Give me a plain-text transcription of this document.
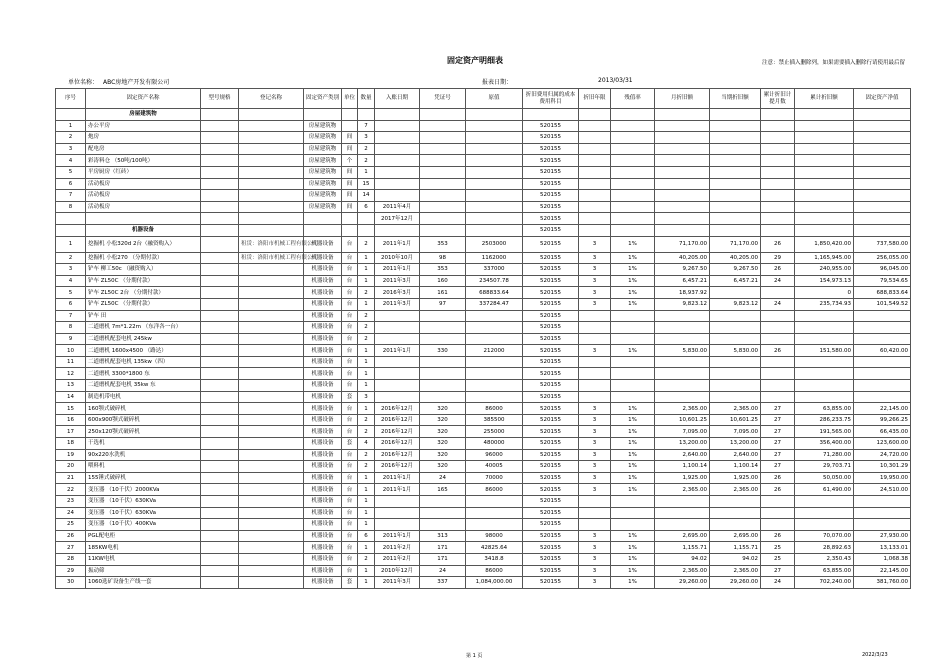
固定资产明细表	注意：禁止插入删除列，如果需要插入删除行请使用最后留
单位名称： ABC房地产开发有限公司	报表日期：	2013/03/31
序号	固定资产名称	型号规格	登记名称	固定资产类别	单位	数量	入账日期	凭证号	原值	折旧费用归属的成本费用科目	折旧年限	残值率	月折旧额	当期折旧额	累计折旧计提月数	累计折旧额	固定资产净值
	房屋建筑物																
1	办公平房			房屋建筑物		7				520155							
2	炮房			房屋建筑物	间	3				520155							
3	配电房			房屋建筑物	间	2				520155							
4	彩涛料仓 （50吨/100吨）			房屋建筑物	个	2				520155							
5	平房厨房（红砖）			房屋建筑物	间	1				520155							
6	活动板房			房屋建筑物	间	15				520155							
7	活动板房			房屋建筑物	间	14				520155							
8	活动板房			房屋建筑物	间	6	2011年4月			520155							
							2017年12月			520155							
	机器设备									520155							
1	挖掘机 小松320d 2台（融资购入）		租赁：洛阳市机械工程有限公司	机器设备	台	2	2011年1月	353	2503000	520155	3	1%	71,170.00	71,170.00	26	1,850,420.00	737,580.00
2	挖掘机 小松270 （分期付款）		租赁：洛阳市机械工程有限公司	机器设备	台	1	2010年10月	98	1162000	520155	3	1%	40,205.00	40,205.00	29	1,165,945.00	256,055.00
3	铲车 柳工50c （融资购入）			机器设备	台	1	2011年1月	353	337000	520155	3	1%	9,267.50	9,267.50	26	240,955.00	96,045.00
4	铲车 ZL50C （分期付款）			机器设备	台	1	2011年3月	160	234507.78	520155	3	1%	6,457.21	6,457.21	24	154,973.13	79,534.65
5	铲车 ZL50C 2台 （分期付款）			机器设备	台	2	2016年3月	161	688833.64	520155	3	1%	18,937.92			0	688,833.64
6	铲车 ZL50C （分期付款）			机器设备	台	1	2011年3月	97	337284.47	520155	3	1%	9,823.12	9,823.12	24	235,734.93	101,549.52
7	铲车 田			机器设备	台	2				520155							
8	二道磨机 7m*1.22m （东洋各一台）			机器设备	台	2				520155							
9	二道磨机配套电机 245kw			机器设备	台	2				520155							
10	二道磨机 1600x4500 （路达）			机器设备	台	1	2011年1月	330	212000	520155	3	1%	5,830.00	5,830.00	26	151,580.00	60,420.00
11	二道磨机配套电机 135kw（四）			机器设备	台	1				520155							
12	二道磨机 3300*1800 东			机器设备	台	1				520155							
13	二道磨机配套电机 35kw 东			机器设备	台	1				520155							
14	制造机带电机			机器设备	套	3				520155							
15	160颚式破碎机			机器设备	台	1	2016年12月	320	86000	520155	3	1%	2,365.00	2,365.00	27	63,855.00	22,145.00
16	600x900颚式破碎机			机器设备	台	2	2016年12月	320	385500	520155	3	1%	10,601.25	10,601.25	27	286,233.75	99,266.25
17	250x120颚式破碎机			机器设备	台	2	2016年12月	320	255000	520155	3	1%	7,095.00	7,095.00	27	191,565.00	66,435.00
18	干选机			机器设备	套	4	2016年12月	320	480000	520155	3	1%	13,200.00	13,200.00	27	356,400.00	123,600.00
19	90x220水洗机			机器设备	台	2	2016年12月	320	96000	520155	3	1%	2,640.00	2,640.00	27	71,280.00	24,720.00
20	喂料机			机器设备	台	2	2016年12月	320	40005	520155	3	1%	1,100.14	1,100.14	27	29,703.71	10,301.29
21	155锤式破碎机			机器设备	台	1	2011年1月	24	70000	520155	3	1%	1,925.00	1,925.00	26	50,050.00	19,950.00
22	变压器 （10千伏）2000KVa			机器设备	台	1	2011年1月	165	86000	520155	3	1%	2,365.00	2,365.00	26	61,490.00	24,510.00
23	变压器 （10千伏）630KVa			机器设备	台	1				520155							
24	变压器 （10千伏）630KVa			机器设备	台	1				520155							
25	变压器 （10千伏）400KVa			机器设备	台	1				520155							
26	PGL配电柜			机器设备	台	6	2011年1月	313	98000	520155	3	1%	2,695.00	2,695.00	26	70,070.00	27,930.00
27	185KW电机			机器设备	台	1	2011年2月	171	42825.64	520155	3	1%	1,155.71	1,155.71	25	28,892.63	13,133.01
28	11KW电机			机器设备	台	2	2011年2月	171	3418.8	520155	3	1%	94.02	94.02	25	2,350.43	1,068.38
29	振动筛			机器设备	台	1	2010年12月	24	86000	520155	3	1%	2,365.00	2,365.00	27	63,855.00	22,145.00
30	1060选矿设备生产线一套			机器设备	套	1	2011年3月	337	1,084,000.00	520155	3	1%	29,260.00	29,260.00	24	702,240.00	381,760.00
第 1 页	2022/3/23
